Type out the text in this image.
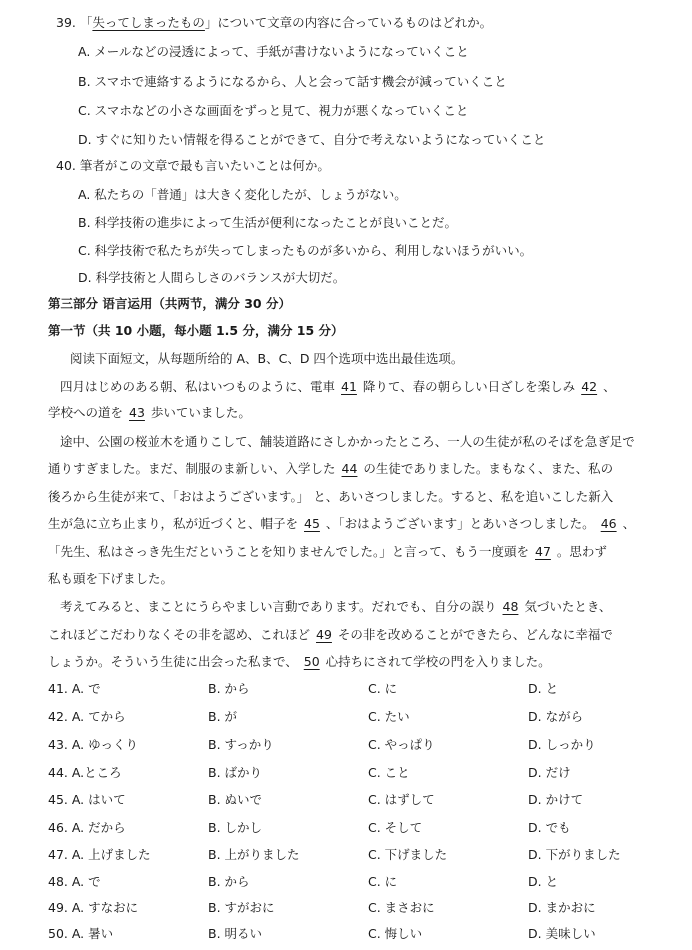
39. 「失ってしまったもの」について文章の内容に合っているものはどれか。
A. メールなどの浸透によって、手紙が書けないようになっていくこと
B. スマホで連絡するようになるから、人と会って話す機会が減っていくこと
C. スマホなどの小さな画面をずっと見て、視力が悪くなっていくこと
D. すぐに知りたい情報を得ることができて、自分で考えないようになっていくこと
40. 筆者がこの文章で最も言いたいことは何か。
A. 私たちの「普通」は大きく変化したが、しょうがない。
B. 科学技術の進歩によって生活が便利になったことが良いことだ。
C. 科学技術で私たちが失ってしまったものが多いから、利用しないほうがいい。
D. 科学技術と人間らしさのバランスが大切だ。
第三部分 语言运用（共两节，满分 30 分）
第一节（共 10 小题，每小题 1.5 分，满分 15 分）
阅读下面短文，从每题所给的 A、B、C、D 四个选项中选出最佳选项。
四月はじめのある朝、私はいつものように、電車 41 降りて、春の朝らしい日ざしを楽しみ 42 、
学校への道を 43 歩いていました。
途中、公園の桜並木を通りこして、舗装道路にさしかかったところ、一人の生徒が私のそばを急ぎ足で
通りすぎました。まだ、制服のま新しい、入学した 44 の生徒でありました。まもなく、また、私の
後ろから生徒が来て、「おはようございます。」 と、あいさつしました。すると、私を追いこした新入
生が急に立ち止まり，私が近づくと、帽子を 45 、「おはようございます」とあいさつしました。 46 、
「先生、私はさっき先生だということを知りませんでした。」と言って、もう一度頭を 47 。思わず
私も頭を下げました。
考えてみると、まことにうらやましい言動であります。だれでも、自分の誤り 48 気づいたとき、
これほどこだわりなくその非を認め、これほど 49 その非を改めることができたら、どんなに幸福で
しょうか。そういう生徒に出会った私まで、 50 心持ちにされて学校の門を入りました。
41. A. で	B. から	C. に	D. と
42. A. てから	B. が	C. たい	D. ながら
43. A. ゆっくり	B. すっかり	C. やっぱり	D. しっかり
44. A.ところ	B. ばかり	C. こと	D. だけ
45. A. はいて	B. ぬいで	C. はずして	D. かけて
46. A. だから	B. しかし	C. そして	D. でも
47. A. 上げました	B. 上がりました	C. 下げました	D. 下がりました
48. A. で	B. から	C. に	D. と
49. A. すなおに	B. すがおに	C. まさおに	D. まかおに
50. A. 暑い	B. 明るい	C. 悔しい	D. 美味しい
